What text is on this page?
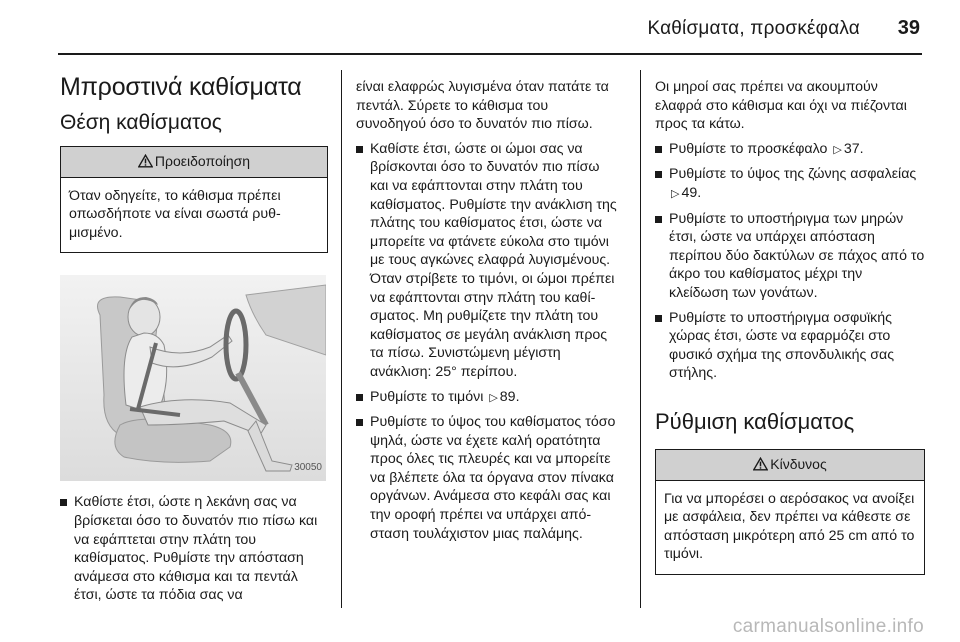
Καθίσματα, προσκέφαλα 39
Μπροστινά καθίσματα
Θέση καθίσματος
Προειδοποίηση
Όταν οδηγείτε, το κάθισμα πρέπει οπωσδήποτε να είναι σωστά ρυθμισμένο.
30050
Καθίστε έτσι, ώστε η λεκάνη σας να βρίσκεται όσο το δυνατόν πιο πίσω και να εφάπτεται στην πλάτη του καθίσματος. Ρυθμίστε την απόσταση ανάμεσα στο κάθισμα και τα πεντάλ έτσι, ώστε τα πόδια σας να
είναι ελαφρώς λυγισμένα όταν πατάτε τα πεντάλ. Σύρετε το κάθισμα του συνοδηγού όσο το δυνατόν πιο πίσω.
Καθίστε έτσι, ώστε οι ώμοι σας να βρίσκονται όσο το δυνατόν πιο πίσω και να εφάπτονται στην πλάτη του καθίσματος. Ρυθμίστε την ανάκλιση της πλάτης του καθίσματος έτσι, ώστε να μπορείτε να φτάνετε εύκολα στο τιμόνι με τους αγκώνες ελαφρά λυγισμένους. Όταν στρίβετε το τιμόνι, οι ώμοι πρέπει να εφάπτονται στην πλάτη του καθίσματος. Μη ρυθμίζετε την πλάτη του καθίσματος σε μεγάλη ανάκλιση προς τα πίσω. Συνιστώμενη μέγιστη ανάκλιση: 25° περίπου.
Ρυθμίστε το τιμόνι ▷ 89.
Ρυθμίστε το ύψος του καθίσματος τόσο ψηλά, ώστε να έχετε καλή ορατότητα προς όλες τις πλευρές και να μπορείτε να βλέπετε όλα τα όργανα στον πίνακα οργάνων. Ανάμεσα στο κεφάλι σας και την οροφή πρέπει να υπάρχει απόσταση τουλάχιστον μιας παλάμης.
Οι μηροί σας πρέπει να ακουμπούν ελαφρά στο κάθισμα και όχι να πιέζονται προς τα κάτω.
Ρυθμίστε το προσκέφαλο ▷ 37.
Ρυθμίστε το ύψος της ζώνης ασφαλείας ▷ 49.
Ρυθμίστε το υποστήριγμα των μηρών έτσι, ώστε να υπάρχει απόσταση περίπου δύο δακτύλων σε πάχος από το άκρο του καθίσματος μέχρι την κλείδωση των γονάτων.
Ρυθμίστε το υποστήριγμα οσφυϊκής χώρας έτσι, ώστε να εφαρμόζει στο φυσικό σχήμα της σπονδυλικής σας στήλης.
Ρύθμιση καθίσματος
Κίνδυνος
Για να μπορέσει ο αερόσακος να ανοίξει με ασφάλεια, δεν πρέπει να κάθεστε σε απόσταση μικρότερη από 25 cm από το τιμόνι.
carmanualsonline.info
